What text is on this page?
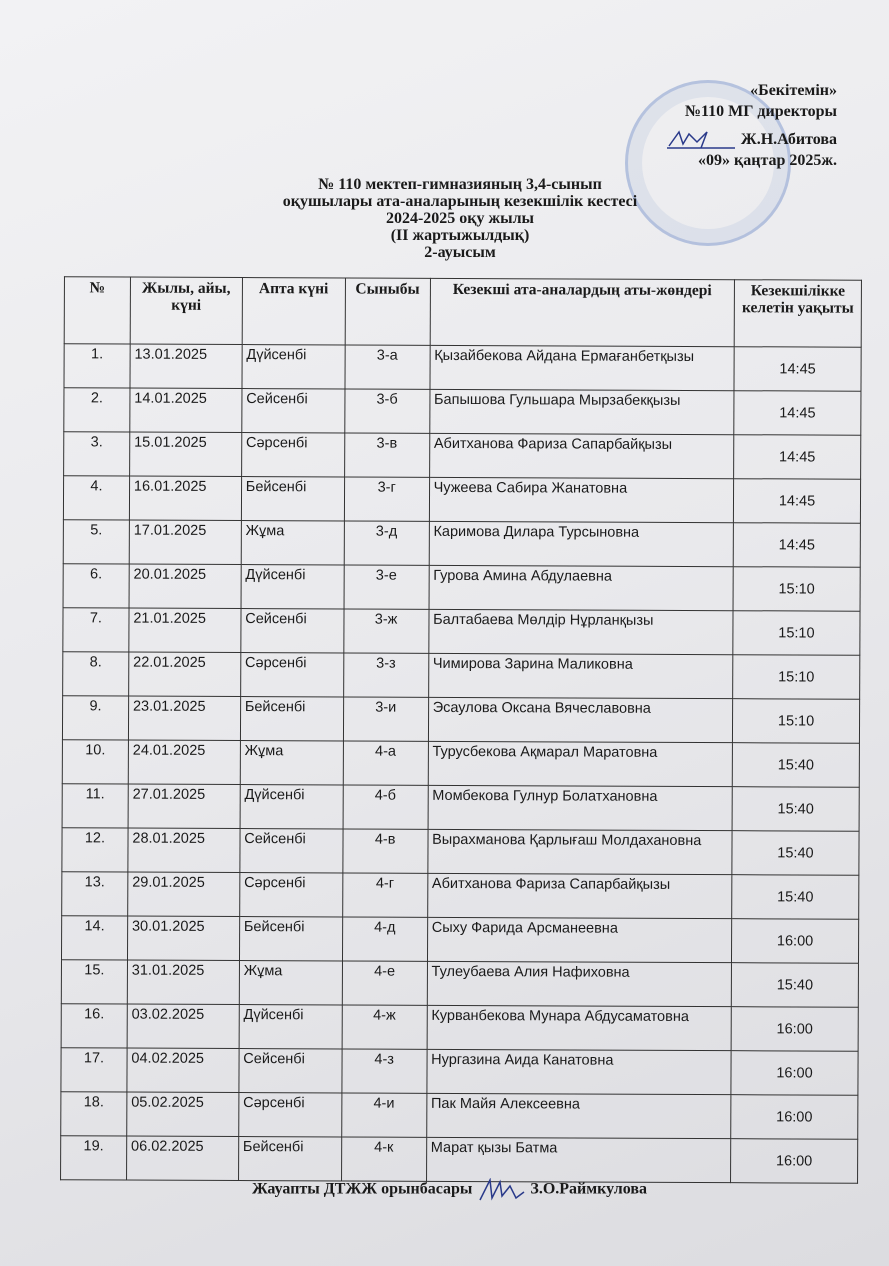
«Бекітемін»
№110 МГ директоры
Ж.Н.Абитова
«09» қаңтар 2025ж.
№ 110 мектеп-гимназияның 3,4-сынып
оқушылары ата-аналарының кезекшілік кестесі
2024-2025 оқу жылы
(ІІ жартыжылдық)
2-ауысым
№	Жылы, айы, күні	Апта күні	Сыныбы	Кезекші ата-аналардың аты-жөндері	Кезекшілікке келетін уақыты
1.	13.01.2025	Дүйсенбі	3-а	Қызайбекова Айдана Ермағанбетқызы	14:45
2.	14.01.2025	Сейсенбі	3-б	Бапышова Гульшара Мырзабекқызы	14:45
3.	15.01.2025	Сәрсенбі	3-в	Абитханова Фариза Сапарбайқызы	14:45
4.	16.01.2025	Бейсенбі	3-г	Чужеева Сабира Жанатовна	14:45
5.	17.01.2025	Жұма	3-д	Каримова Дилара Турсыновна	14:45
6.	20.01.2025	Дүйсенбі	3-е	Гурова Амина Абдулаевна	15:10
7.	21.01.2025	Сейсенбі	3-ж	Балтабаева Мөлдір Нұрланқызы	15:10
8.	22.01.2025	Сәрсенбі	3-з	Чимирова Зарина Маликовна	15:10
9.	23.01.2025	Бейсенбі	3-и	Эсаулова Оксана Вячеславовна	15:10
10.	24.01.2025	Жұма	4-а	Турусбекова Ақмарал Маратовна	15:40
11.	27.01.2025	Дүйсенбі	4-б	Момбекова Гулнур Болатхановна	15:40
12.	28.01.2025	Сейсенбі	4-в	Вырахманова Қарлығаш Молдахановна	15:40
13.	29.01.2025	Сәрсенбі	4-г	Абитханова Фариза Сапарбайқызы	15:40
14.	30.01.2025	Бейсенбі	4-д	Сыху Фарида Арсманеевна	16:00
15.	31.01.2025	Жұма	4-е	Тулеубаева Алия Нафиховна	15:40
16.	03.02.2025	Дүйсенбі	4-ж	Курванбекова Мунара Абдусаматовна	16:00
17.	04.02.2025	Сейсенбі	4-з	Нургазина Аида Канатовна	16:00
18.	05.02.2025	Сәрсенбі	4-и	Пак Майя Алексеевна	16:00
19.	06.02.2025	Бейсенбі	4-к	Марат қызы Батма	16:00
Жауапты ДТЖЖ орынбасары	З.О.Раймкулова
